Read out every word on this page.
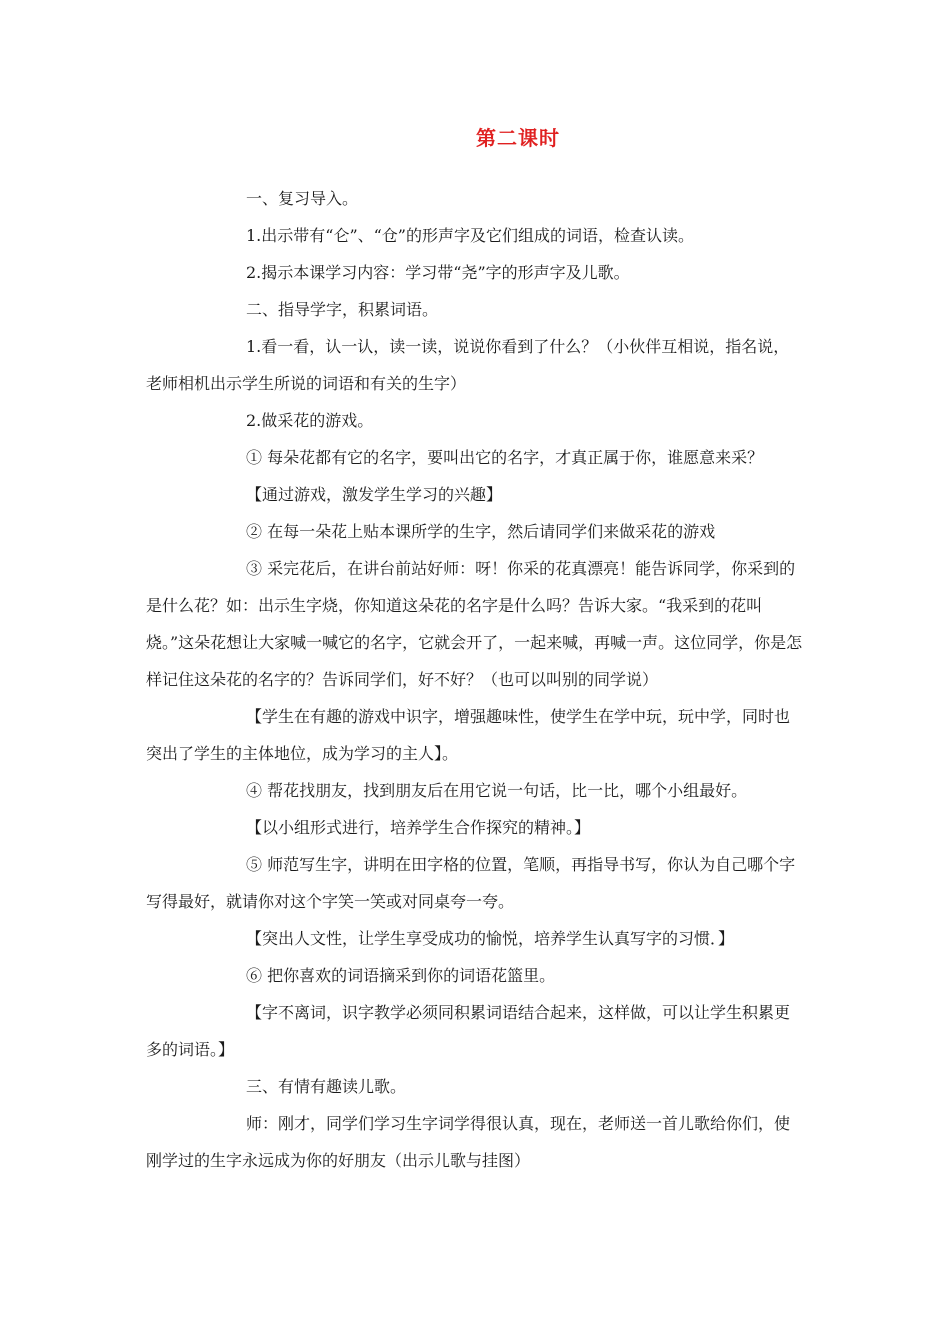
第二课时

一、复习导入。

1.出示带有“仑”、“仓”的形声字及它们组成的词语，检查认读。

2.揭示本课学习内容：学习带“尧”字的形声字及儿歌。

二、指导学字，积累词语。

1.看一看，认一认，读一读，说说你看到了什么？（小伙伴互相说，指名说，老师相机出示学生所说的词语和有关的生字）

2.做采花的游戏。

① 每朵花都有它的名字，要叫出它的名字，才真正属于你，谁愿意来采？

【通过游戏，激发学生学习的兴趣】

② 在每一朵花上贴本课所学的生字，然后请同学们来做采花的游戏

③ 采完花后，在讲台前站好师：呀！你采的花真漂亮！能告诉同学，你采到的是什么花？如：出示生字烧，你知道这朵花的名字是什么吗？告诉大家。“我采到的花叫烧。”这朵花想让大家喊一喊它的名字，它就会开了，一起来喊，再喊一声。这位同学，你是怎样记住这朵花的名字的？告诉同学们，好不好？（也可以叫别的同学说）

【学生在有趣的游戏中识字，增强趣味性，使学生在学中玩，玩中学，同时也突出了学生的主体地位，成为学习的主人】。

④ 帮花找朋友，找到朋友后在用它说一句话，比一比，哪个小组最好。

【以小组形式进行，培养学生合作探究的精神。】

⑤ 师范写生字，讲明在田字格的位置，笔顺，再指导书写，你认为自己哪个字写得最好，就请你对这个字笑一笑或对同桌夸一夸。

【突出人文性，让学生享受成功的愉悦，培养学生认真写字的习惯．】

⑥ 把你喜欢的词语摘采到你的词语花篮里。

【字不离词，识字教学必须同积累词语结合起来，这样做，可以让学生积累更多的词语。】

三、有情有趣读儿歌。

师：刚才，同学们学习生字词学得很认真，现在，老师送一首儿歌给你们，使刚学过的生字永远成为你的好朋友（出示儿歌与挂图）
